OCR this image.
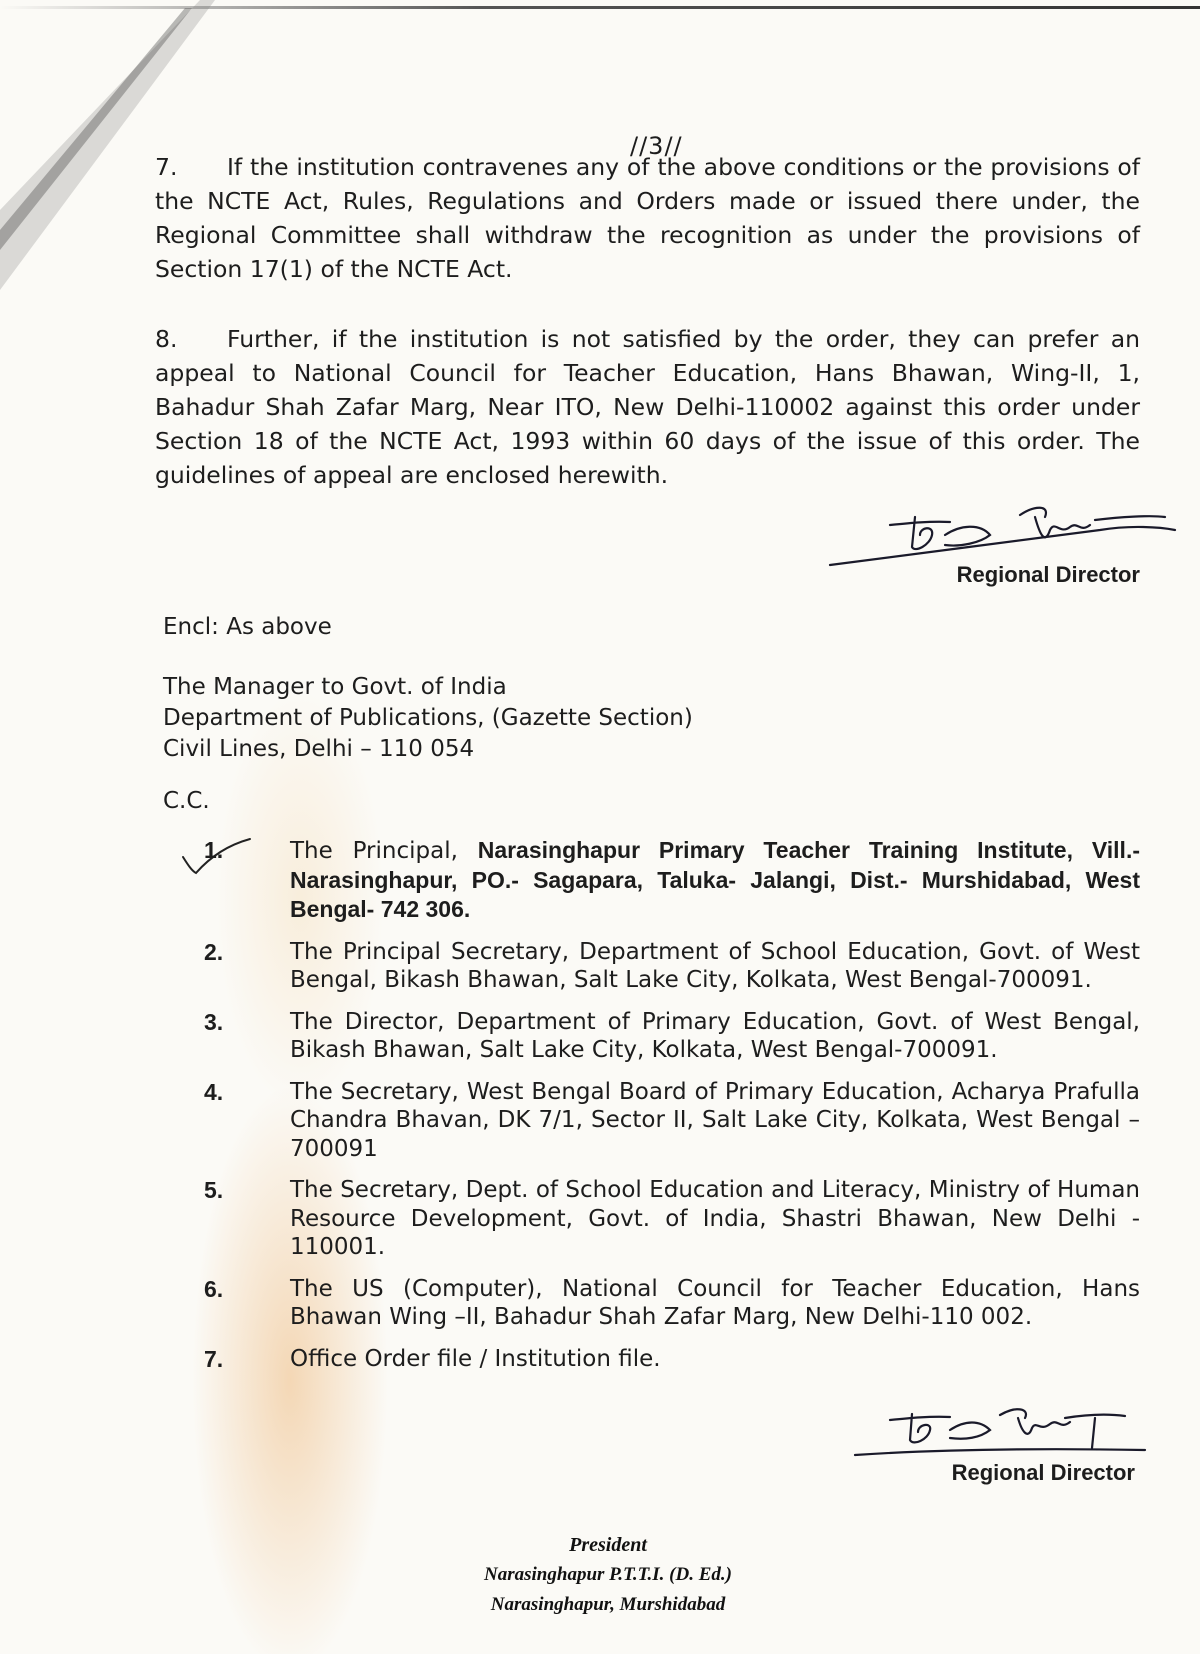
//3//
7. If the institution contravenes any of the above conditions or the provisions of the NCTE Act, Rules, Regulations and Orders made or issued there under, the Regional Committee shall withdraw the recognition as under the provisions of Section 17(1) of the NCTE Act.
8. Further, if the institution is not satisfied by the order, they can prefer an appeal to National Council for Teacher Education, Hans Bhawan, Wing-II, 1, Bahadur Shah Zafar Marg, Near ITO, New Delhi-110002 against this order under Section 18 of the NCTE Act, 1993 within 60 days of the issue of this order. The guidelines of appeal are enclosed herewith.
Regional Director
Encl: As above
The Manager to Govt. of India
Department of Publications, (Gazette Section)
Civil Lines, Delhi – 110 054
C.C.
1.	The Principal, Narasinghapur Primary Teacher Training Institute, Vill.- Narasinghapur, PO.- Sagapara, Taluka- Jalangi, Dist.- Murshidabad, West Bengal- 742 306.
2.	The Principal Secretary, Department of School Education, Govt. of West Bengal, Bikash Bhawan, Salt Lake City, Kolkata, West Bengal-700091.
3.	The Director, Department of Primary Education, Govt. of West Bengal, Bikash Bhawan, Salt Lake City, Kolkata, West Bengal-700091.
4.	The Secretary, West Bengal Board of Primary Education, Acharya Prafulla Chandra Bhavan, DK 7/1, Sector II, Salt Lake City, Kolkata, West Bengal –700091
5.	The Secretary, Dept. of School Education and Literacy, Ministry of Human Resource Development, Govt. of India, Shastri Bhawan, New Delhi - 110001.
6.	The US (Computer), National Council for Teacher Education, Hans Bhawan Wing –II, Bahadur Shah Zafar Marg, New Delhi-110 002.
7.	Office Order file / Institution file.
Regional Director
President
Narasinghapur P.T.T.I. (D. Ed.)
Narasinghapur, Murshidabad
